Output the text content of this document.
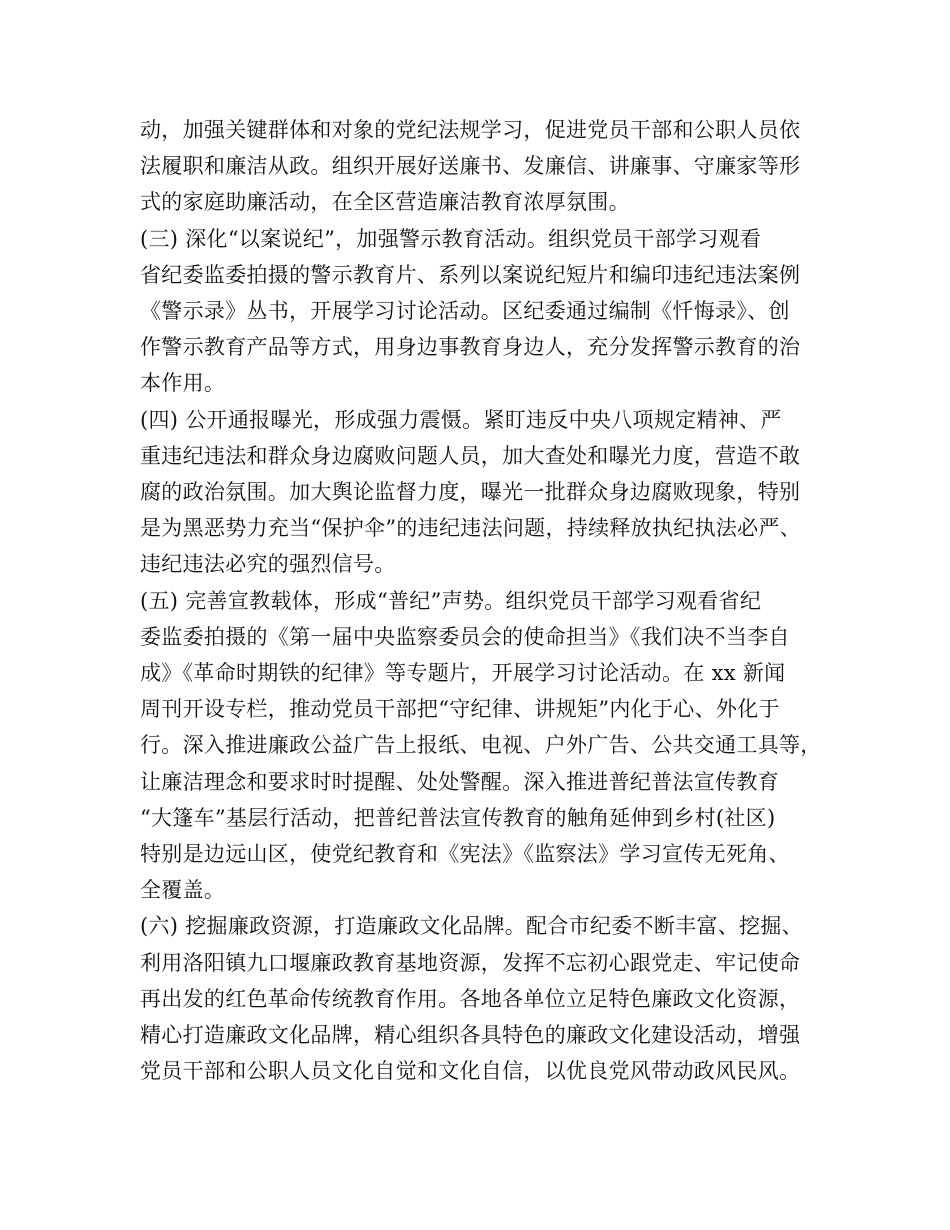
动，加强关键群体和对象的党纪法规学习，促进党员干部和公职人员依
法履职和廉洁从政。组织开展好送廉书、发廉信、讲廉事、守廉家等形
式的家庭助廉活动，在全区营造廉洁教育浓厚氛围。
(三) 深化“以案说纪”，加强警示教育活动。组织党员干部学习观看
省纪委监委拍摄的警示教育片、系列以案说纪短片和编印违纪违法案例
《警示录》丛书，开展学习讨论活动。区纪委通过编制《忏悔录》、创
作警示教育产品等方式，用身边事教育身边人，充分发挥警示教育的治
本作用。
(四) 公开通报曝光，形成强力震慑。紧盯违反中央八项规定精神、严
重违纪违法和群众身边腐败问题人员，加大查处和曝光力度，营造不敢
腐的政治氛围。加大舆论监督力度，曝光一批群众身边腐败现象，特别
是为黑恶势力充当“保护伞”的违纪违法问题，持续释放执纪执法必严、
违纪违法必究的强烈信号。
(五) 完善宣教载体，形成“普纪”声势。组织党员干部学习观看省纪
委监委拍摄的《第一届中央监察委员会的使命担当》《我们决不当李自
成》《革命时期铁的纪律》等专题片，开展学习讨论活动。在 xx 新闻
周刊开设专栏，推动党员干部把“守纪律、讲规矩”内化于心、外化于
行。深入推进廉政公益广告上报纸、电视、户外广告、公共交通工具等，
让廉洁理念和要求时时提醒、处处警醒。深入推进普纪普法宣传教育
“大篷车”基层行活动，把普纪普法宣传教育的触角延伸到乡村(社区)
特别是边远山区，使党纪教育和《宪法》《监察法》学习宣传无死角、
全覆盖。
(六) 挖掘廉政资源，打造廉政文化品牌。配合市纪委不断丰富、挖掘、
利用洛阳镇九口堰廉政教育基地资源，发挥不忘初心跟党走、牢记使命
再出发的红色革命传统教育作用。各地各单位立足特色廉政文化资源，
精心打造廉政文化品牌，精心组织各具特色的廉政文化建设活动，增强
党员干部和公职人员文化自觉和文化自信，以优良党风带动政风民风。
